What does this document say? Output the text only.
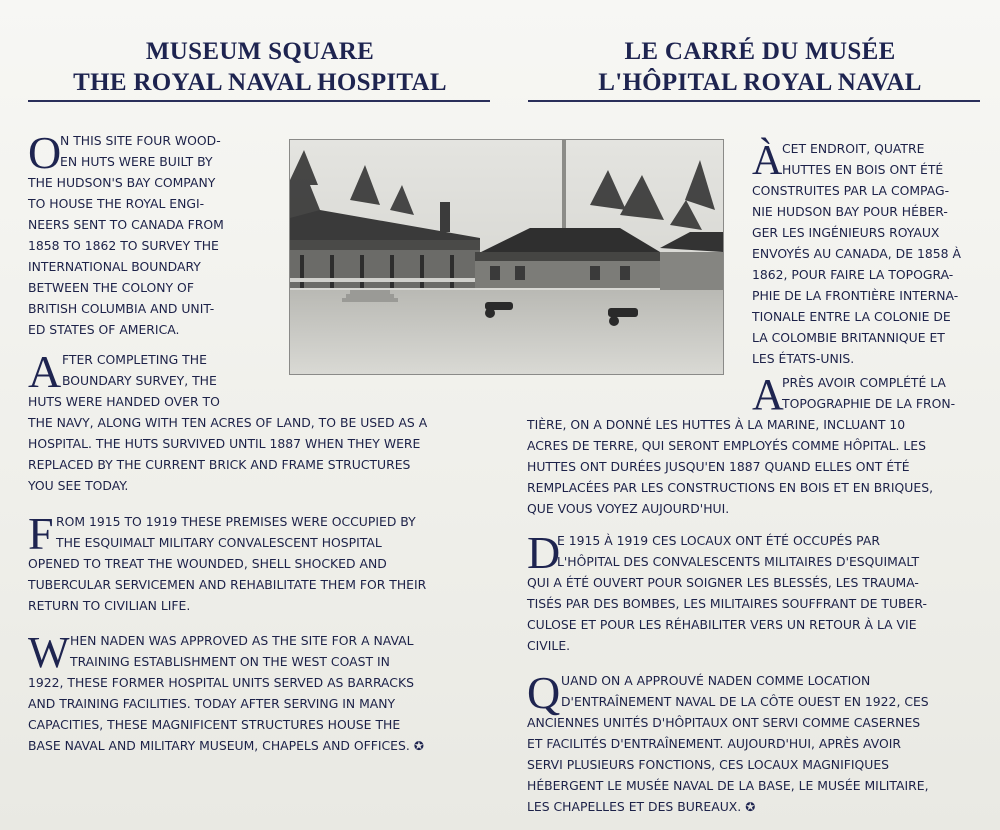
MUSEUM SQUARE
THE ROYAL NAVAL HOSPITAL
LE CARRÉ DU MUSÉE
L'HÔPITAL ROYAL NAVAL
O
N THIS SITE FOUR WOOD-
EN HUTS WERE BUILT BY
THE HUDSON'S BAY COMPANY
TO HOUSE THE ROYAL ENGI-
NEERS SENT TO CANADA FROM
1858 TO 1862 TO SURVEY THE
INTERNATIONAL BOUNDARY
BETWEEN THE COLONY OF
BRITISH COLUMBIA AND UNIT-
ED STATES OF AMERICA.
A FTER COMPLETING THE
BOUNDARY SURVEY, THE
HUTS WERE HANDED OVER TO
THE NAVY, ALONG WITH TEN ACRES OF LAND, TO BE USED AS A
HOSPITAL. THE HUTS SURVIVED UNTIL 1887 WHEN THEY WERE
REPLACED BY THE CURRENT BRICK AND FRAME STRUCTURES
YOU SEE TODAY.
F ROM 1915 TO 1919 THESE PREMISES WERE OCCUPIED BY
THE ESQUIMALT MILITARY CONVALESCENT HOSPITAL
OPENED TO TREAT THE WOUNDED, SHELL SHOCKED AND
TUBERCULAR SERVICEMEN AND REHABILITATE THEM FOR THEIR
RETURN TO CIVILIAN LIFE.
W HEN NADEN WAS APPROVED AS THE SITE FOR A NAVAL
TRAINING ESTABLISHMENT ON THE WEST COAST IN
1922, THESE FORMER HOSPITAL UNITS SERVED AS BARRACKS
AND TRAINING FACILITIES. TODAY AFTER SERVING IN MANY
CAPACITIES, THESE MAGNIFICENT STRUCTURES HOUSE THE
BASE NAVAL AND MILITARY MUSEUM, CHAPELS AND OFFICES. ✪
À CET ENDROIT, QUATRE
HUTTES EN BOIS ONT ÉTÉ
CONSTRUITES PAR LA COMPAG-
NIE HUDSON BAY POUR HÉBER-
GER LES INGÉNIEURS ROYAUX
ENVOYÉS AU CANADA, DE 1858 À
1862, POUR FAIRE LA TOPOGRA-
PHIE DE LA FRONTIÈRE INTERNA-
TIONALE ENTRE LA COLONIE DE
LA COLOMBIE BRITANNIQUE ET
LES ÉTATS-UNIS.
A
PRÈS AVOIR COMPLÉTÉ LA
TOPOGRAPHIE DE LA FRON-
TIÈRE, ON A DONNÉ LES HUTTES À LA MARINE, INCLUANT 10
ACRES DE TERRE, QUI SERONT EMPLOYÉS COMME HÔPITAL. LES
HUTTES ONT DURÉES JUSQU'EN 1887 QUAND ELLES ONT ÉTÉ
REMPLACÉES PAR LES CONSTRUCTIONS EN BOIS ET EN BRIQUES,
QUE VOUS VOYEZ AUJOURD'HUI.
D
E 1915 À 1919 CES LOCAUX ONT ÉTÉ OCCUPÉS PAR
L'HÔPITAL DES CONVALESCENTS MILITAIRES D'ESQUIMALT
QUI A ÉTÉ OUVERT POUR SOIGNER LES BLESSÉS, LES TRAUMA-
TISÉS PAR DES BOMBES, LES MILITAIRES SOUFFRANT DE TUBER-
CULOSE ET POUR LES RÉHABILITER VERS UN RETOUR À LA VIE
CIVILE.
Q UAND ON A APPROUVÉ NADEN COMME LOCATION
D'ENTRAÎNEMENT NAVAL DE LA CÔTE OUEST EN 1922, CES
ANCIENNES UNITÉS D'HÔPITAUX ONT SERVI COMME CASERNES
ET FACILITÉS D'ENTRAÎNEMENT. AUJOURD'HUI, APRÈS AVOIR
SERVI PLUSIEURS FONCTIONS, CES LOCAUX MAGNIFIQUES
HÉBERGENT LE MUSÉE NAVAL DE LA BASE, LE MUSÉE MILITAIRE,
LES CHAPELLES ET DES BUREAUX. ✪
